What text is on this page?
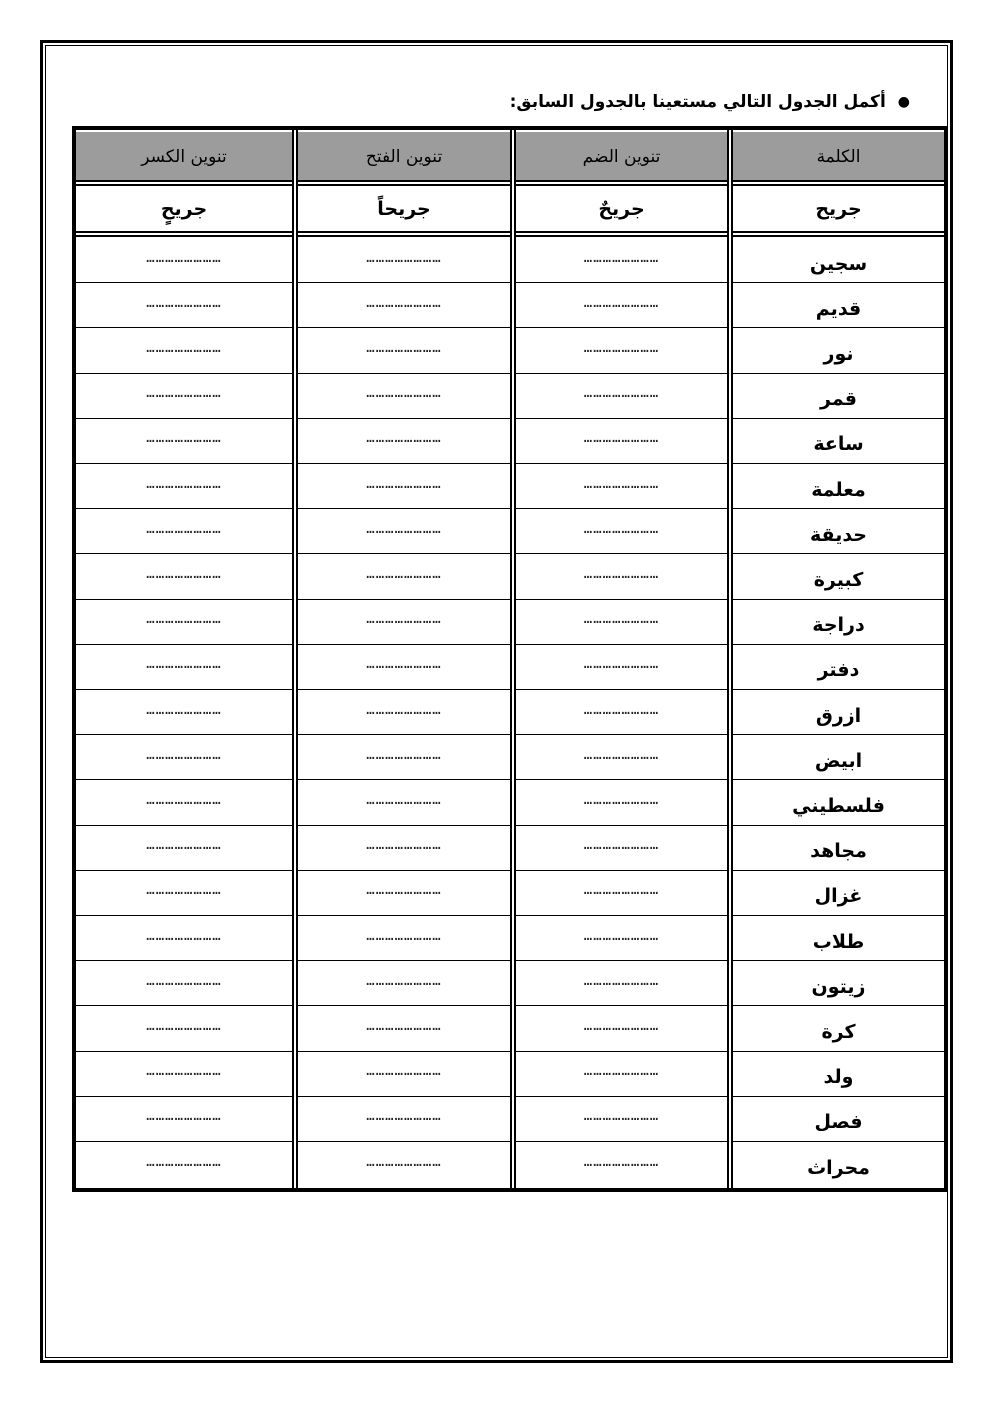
●
أكمل الجدول التالي مستعينا بالجدول السابق:
الكلمة
تنوين الضم
تنوين الفتح
تنوين الكسر
جريح
جريحٌ
جريحاً
جريحٍ
سجين
……………………
……………………
……………………
قديم
……………………
……………………
……………………
نور
……………………
……………………
……………………
قمر
……………………
……………………
……………………
ساعة
……………………
……………………
……………………
معلمة
……………………
……………………
……………………
حديقة
……………………
……………………
……………………
كبيرة
……………………
……………………
……………………
دراجة
……………………
……………………
……………………
دفتر
……………………
……………………
……………………
ازرق
……………………
……………………
……………………
ابيض
……………………
……………………
……………………
فلسطيني
……………………
……………………
……………………
مجاهد
……………………
……………………
……………………
غزال
……………………
……………………
……………………
طلاب
……………………
……………………
……………………
زيتون
……………………
……………………
……………………
كرة
……………………
……………………
……………………
ولد
……………………
……………………
……………………
فصل
……………………
……………………
……………………
محراث
……………………
……………………
……………………
